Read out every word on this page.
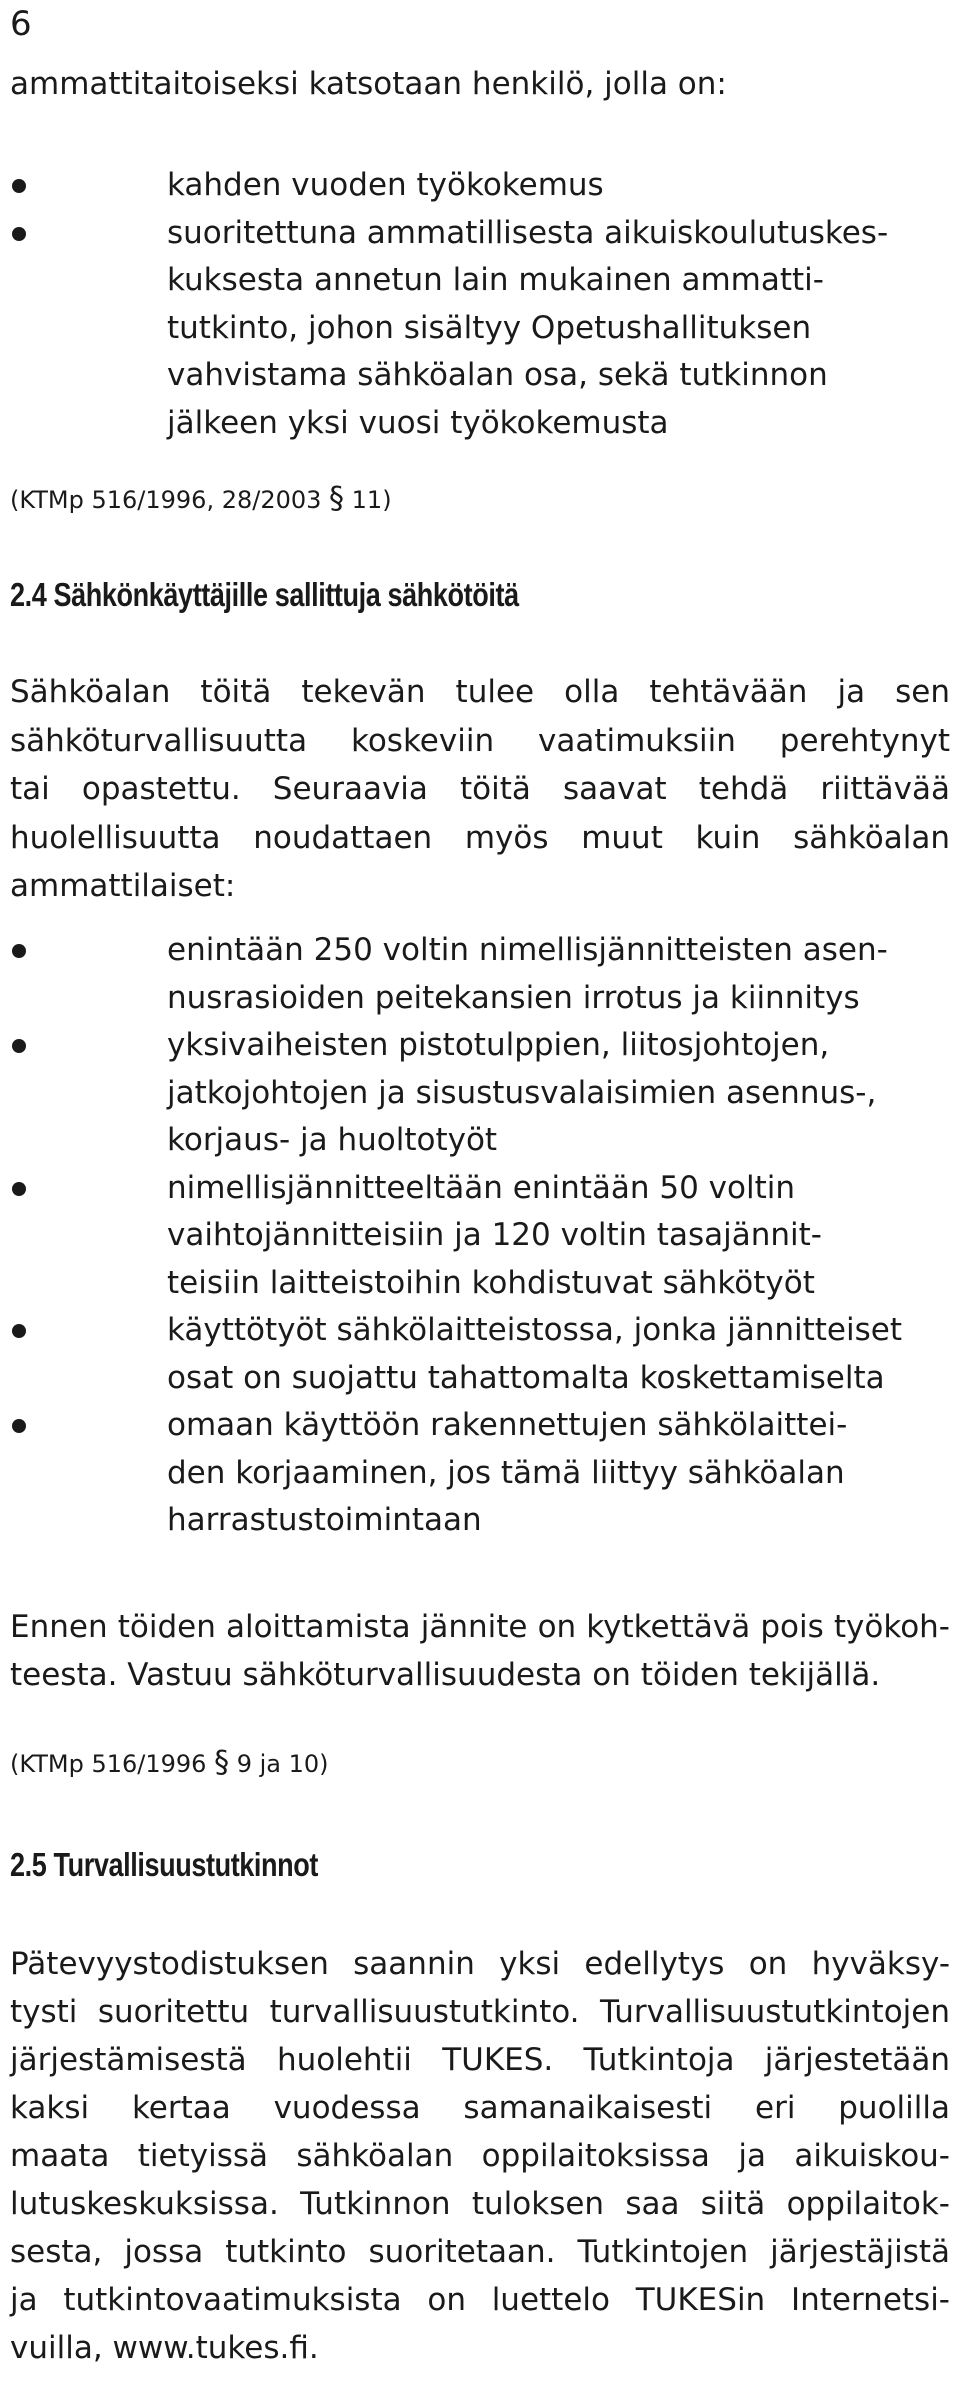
6
ammattitaitoiseksi katsotaan henkilö, jolla on:
kahden vuoden työkokemus
suoritettuna ammatillisesta aikuiskoulutuskes-
kuksesta annetun lain mukainen ammatti-
tutkinto, johon sisältyy Opetushallituksen
vahvistama sähköalan osa, sekä tutkinnon
jälkeen yksi vuosi työkokemusta
(KTMp 516/1996, 28/2003 § 11)
2.4 Sähkönkäyttäjille sallittuja sähkötöitä
Sähköalan töitä tekevän tulee olla tehtävään ja sen
sähköturvallisuutta koskeviin vaatimuksiin perehtynyt
tai opastettu. Seuraavia töitä saavat tehdä riittävää
huolellisuutta noudattaen myös muut kuin sähköalan
ammattilaiset:
enintään 250 voltin nimellisjännitteisten asen-
nusrasioiden peitekansien irrotus ja kiinnitys
yksivaiheisten pistotulppien, liitosjohtojen,
jatkojohtojen ja sisustusvalaisimien asennus-,
korjaus- ja huoltotyöt
nimellisjännitteeltään enintään 50 voltin
vaihtojännitteisiin ja 120 voltin tasajännit-
teisiin laitteistoihin kohdistuvat sähkötyöt
käyttötyöt sähkölaitteistossa, jonka jännitteiset
osat on suojattu tahattomalta koskettamiselta
omaan käyttöön rakennettujen sähkölaittei-
den korjaaminen, jos tämä liittyy sähköalan
harrastustoimintaan
Ennen töiden aloittamista jännite on kytkettävä pois työkoh-
teesta. Vastuu sähköturvallisuudesta on töiden tekijällä.
(KTMp 516/1996 § 9 ja 10)
2.5 Turvallisuustutkinnot
Pätevyystodistuksen saannin yksi edellytys on hyväksy-
tysti suoritettu turvallisuustutkinto. Turvallisuustutkintojen
järjestämisestä huolehtii TUKES. Tutkintoja järjestetään
kaksi kertaa vuodessa samanaikaisesti eri puolilla
maata tietyissä sähköalan oppilaitoksissa ja aikuiskou-
lutuskeskuksissa. Tutkinnon tuloksen saa siitä oppilaitok-
sesta, jossa tutkinto suoritetaan. Tutkintojen järjestäjistä
ja tutkintovaatimuksista on luettelo TUKESin Internetsi-
vuilla, www.tukes.fi.
